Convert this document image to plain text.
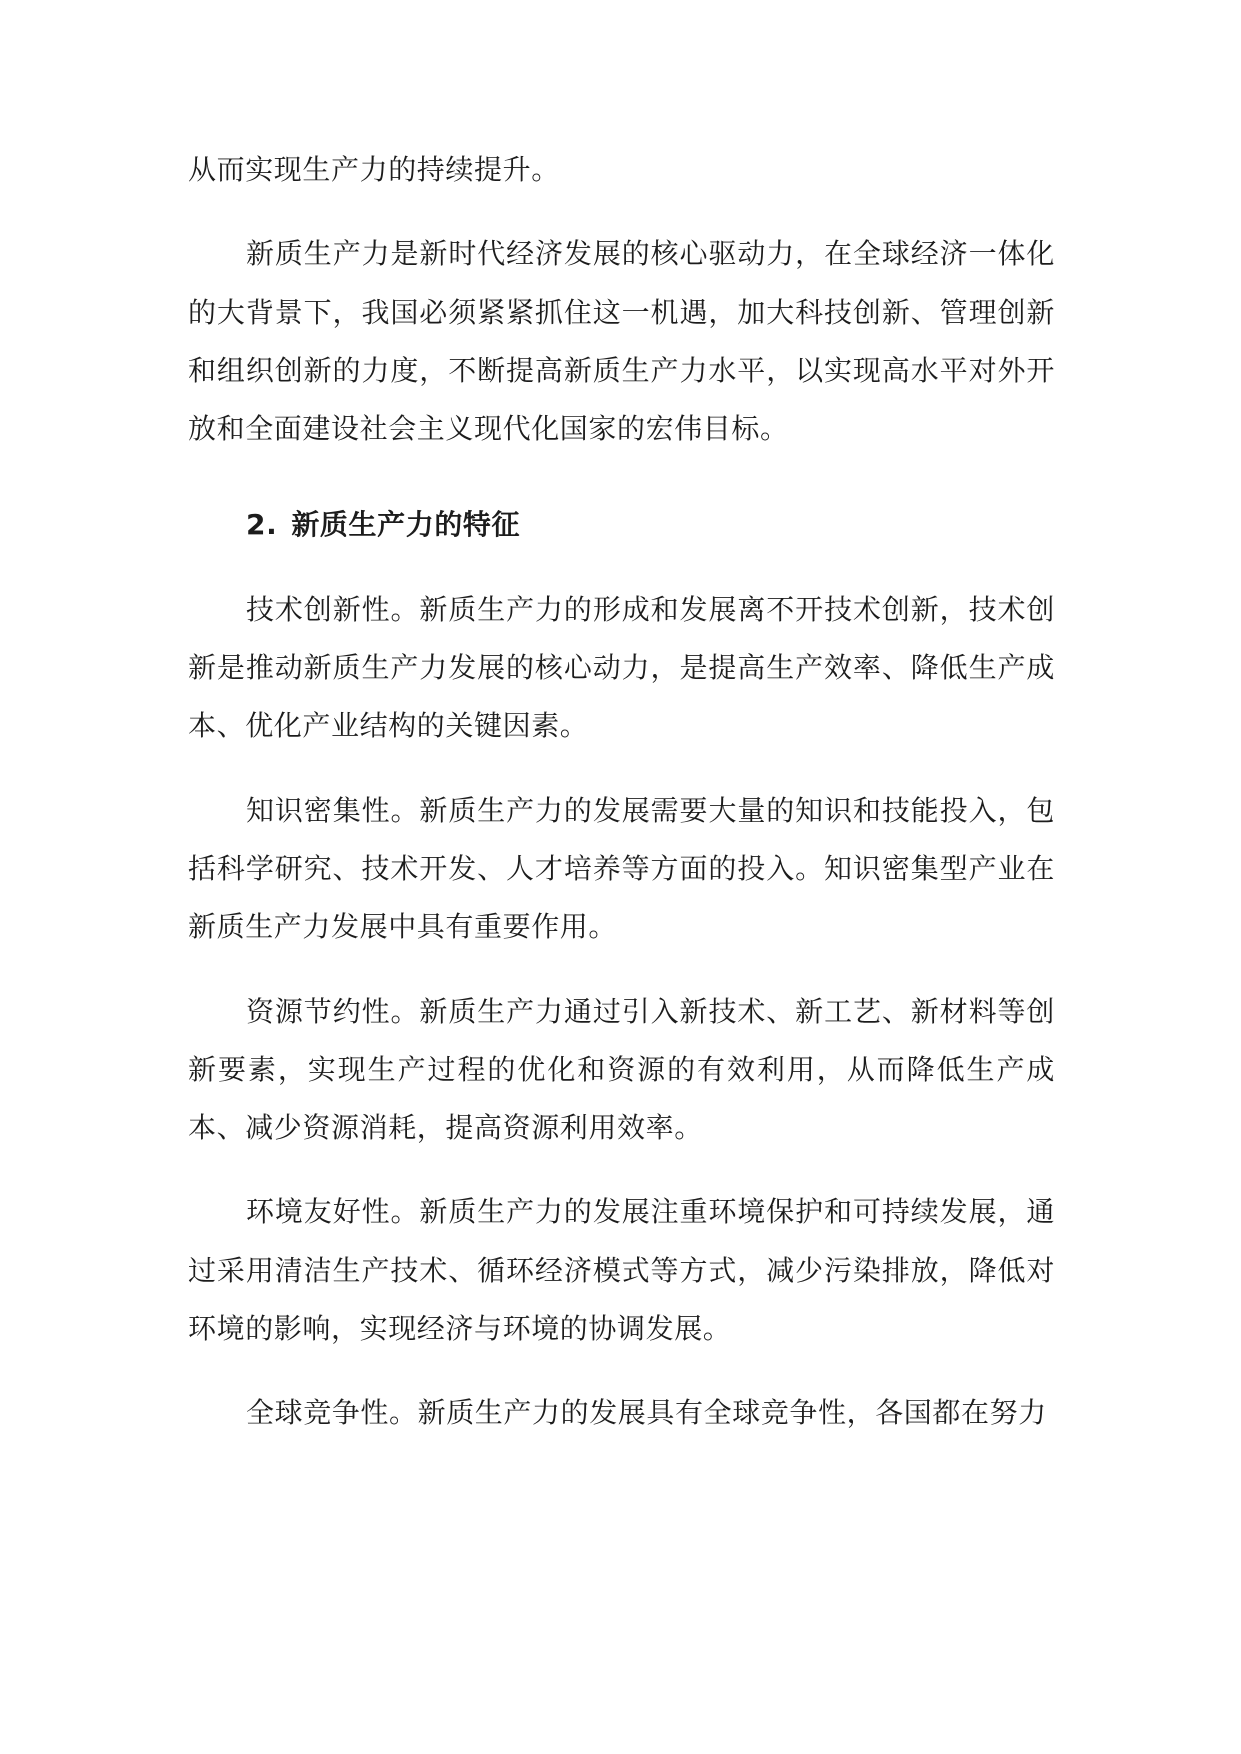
从而实现生产力的持续提升。

新质生产力是新时代经济发展的核心驱动力，在全球经济一体化的大背景下，我国必须紧紧抓住这一机遇，加大科技创新、管理创新和组织创新的力度，不断提高新质生产力水平，以实现高水平对外开放和全面建设社会主义现代化国家的宏伟目标。

2. 新质生产力的特征

技术创新性。新质生产力的形成和发展离不开技术创新，技术创新是推动新质生产力发展的核心动力，是提高生产效率、降低生产成本、优化产业结构的关键因素。

知识密集性。新质生产力的发展需要大量的知识和技能投入，包括科学研究、技术开发、人才培养等方面的投入。知识密集型产业在新质生产力发展中具有重要作用。

资源节约性。新质生产力通过引入新技术、新工艺、新材料等创新要素，实现生产过程的优化和资源的有效利用，从而降低生产成本、减少资源消耗，提高资源利用效率。

环境友好性。新质生产力的发展注重环境保护和可持续发展，通过采用清洁生产技术、循环经济模式等方式，减少污染排放，降低对环境的影响，实现经济与环境的协调发展。

全球竞争性。新质生产力的发展具有全球竞争性，各国都在努力
